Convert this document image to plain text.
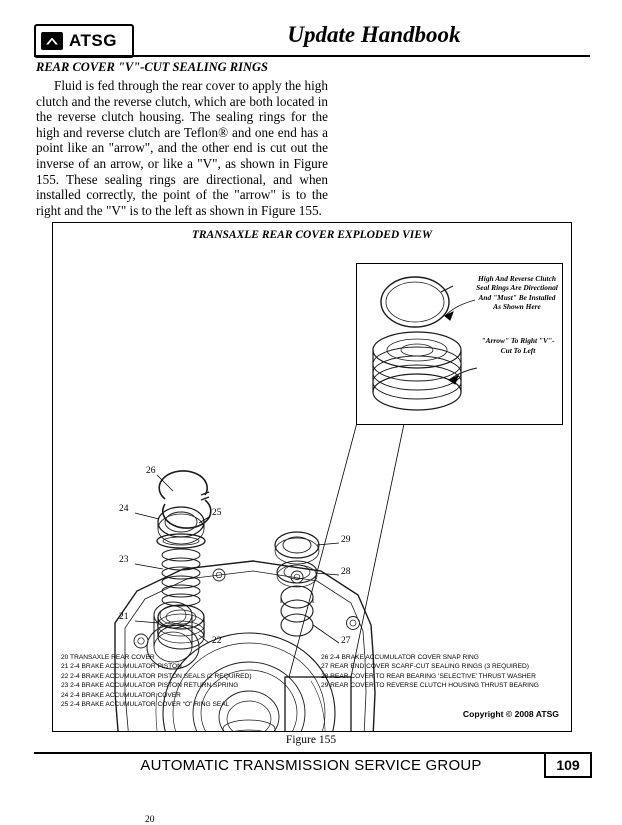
ATSG	Update Handbook
REAR COVER "V"-CUT SEALING RINGS

Fluid is fed through the rear cover to apply the high clutch and the reverse clutch, which are both located in the reverse clutch housing. The sealing rings for the high and reverse clutch are Teflon® and one end has a point like an "arrow", and the other end is cut out the inverse of an arrow, or like a "V", as shown in Figure 155. These sealing rings are directional, and when installed correctly, the point of the "arrow" is to the right and the "V" is to the left as shown in Figure 155.

TRANSAXLE REAR COVER EXPLODED VIEW
High And Reverse Clutch Seal Rings Are Directional And "Must" Be Installed As Shown Here
"Arrow" To Right "V"-Cut To Left
26
24	25
23
29
28
21
22	27
20
20 TRANSAXLE REAR COVER
21 2-4 BRAKE ACCUMULATOR PISTON
22 2-4 BRAKE ACCUMULATOR PISTON SEALS (2 REQUIRED)
23 2-4 BRAKE ACCUMULATOR PISTON RETURN SPRING
24 2-4 BRAKE ACCUMULATOR COVER
25 2-4 BRAKE ACCUMULATOR COVER “O” RING SEAL
26 2-4 BRAKE ACCUMULATOR COVER SNAP RING
27 REAR END COVER SCARF-CUT SEALING RINGS (3 REQUIRED)
28 REAR COVER TO REAR BEARING ‘SELECTIVE’ THRUST WASHER
29 REAR COVER TO REVERSE CLUTCH HOUSING THRUST BEARING
Copyright © 2008 ATSG
Figure 155
AUTOMATIC TRANSMISSION SERVICE GROUP	109
